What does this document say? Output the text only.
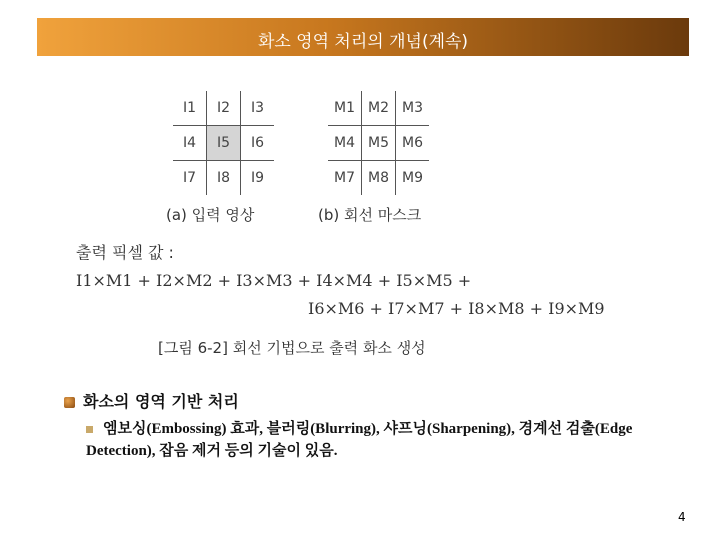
화소 영역 처리의 개념(계속)
I1	I2	I3
I4	I5	I6
I7	I8	I9
M1	M2	M3
M4	M5	M6
M7	M8	M9
(a) 입력 영상	(b) 회선 마스크
출력 픽셀 값 :
I1×M1 + I2×M2 + I3×M3 + I4×M4 + I5×M5 +
I6×M6 + I7×M7 + I8×M8 + I9×M9
[그림 6-2] 회선 기법으로 출력 화소 생성
화소의 영역 기반 처리
엠보싱(Embossing) 효과, 블러링(Blurring), 샤프닝(Sharpening), 경계선 검출(Edge Detection), 잡음 제거 등의 기술이 있음.
4
